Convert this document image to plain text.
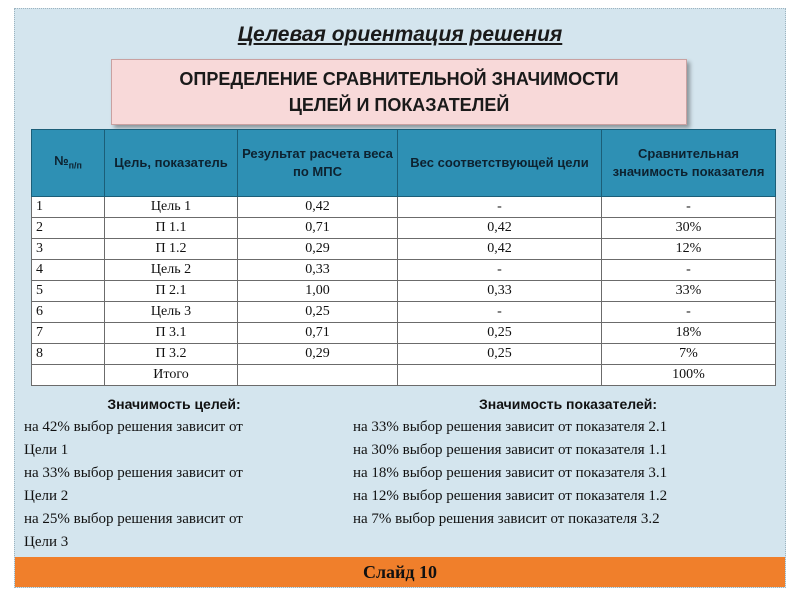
Целевая ориентация решения
ОПРЕДЕЛЕНИЕ СРАВНИТЕЛЬНОЙ ЗНАЧИМОСТИ
ЦЕЛЕЙ И ПОКАЗАТЕЛЕЙ
$№_{п/п}$	Цель, показатель	Результат расчета веса по МПС	Вес соответствующей цели	Сравнительная значимость показателя
1	Цель 1	0,42	-	-
2	П 1.1	0,71	0,42	30%
3	П 1.2	0,29	0,42	12%
4	Цель 2	0,33	-	-
5	П 2.1	1,00	0,33	33%
6	Цель 3	0,25	-	-
7	П 3.1	0,71	0,25	18%
8	П 3.2	0,29	0,25	7%
	Итого			100%
Значимость целей:
на 42% выбор решения зависит от
Цели 1
на 33% выбор решения зависит от
Цели 2
на 25% выбор решения зависит от
Цели 3
Значимость показателей:
на 33% выбор решения зависит от показателя 2.1
на 30% выбор решения зависит от показателя 1.1
на 18% выбор решения зависит от показателя 3.1
на 12% выбор решения зависит от показателя 1.2
на 7% выбор решения зависит от показателя 3.2
Слайд 10
